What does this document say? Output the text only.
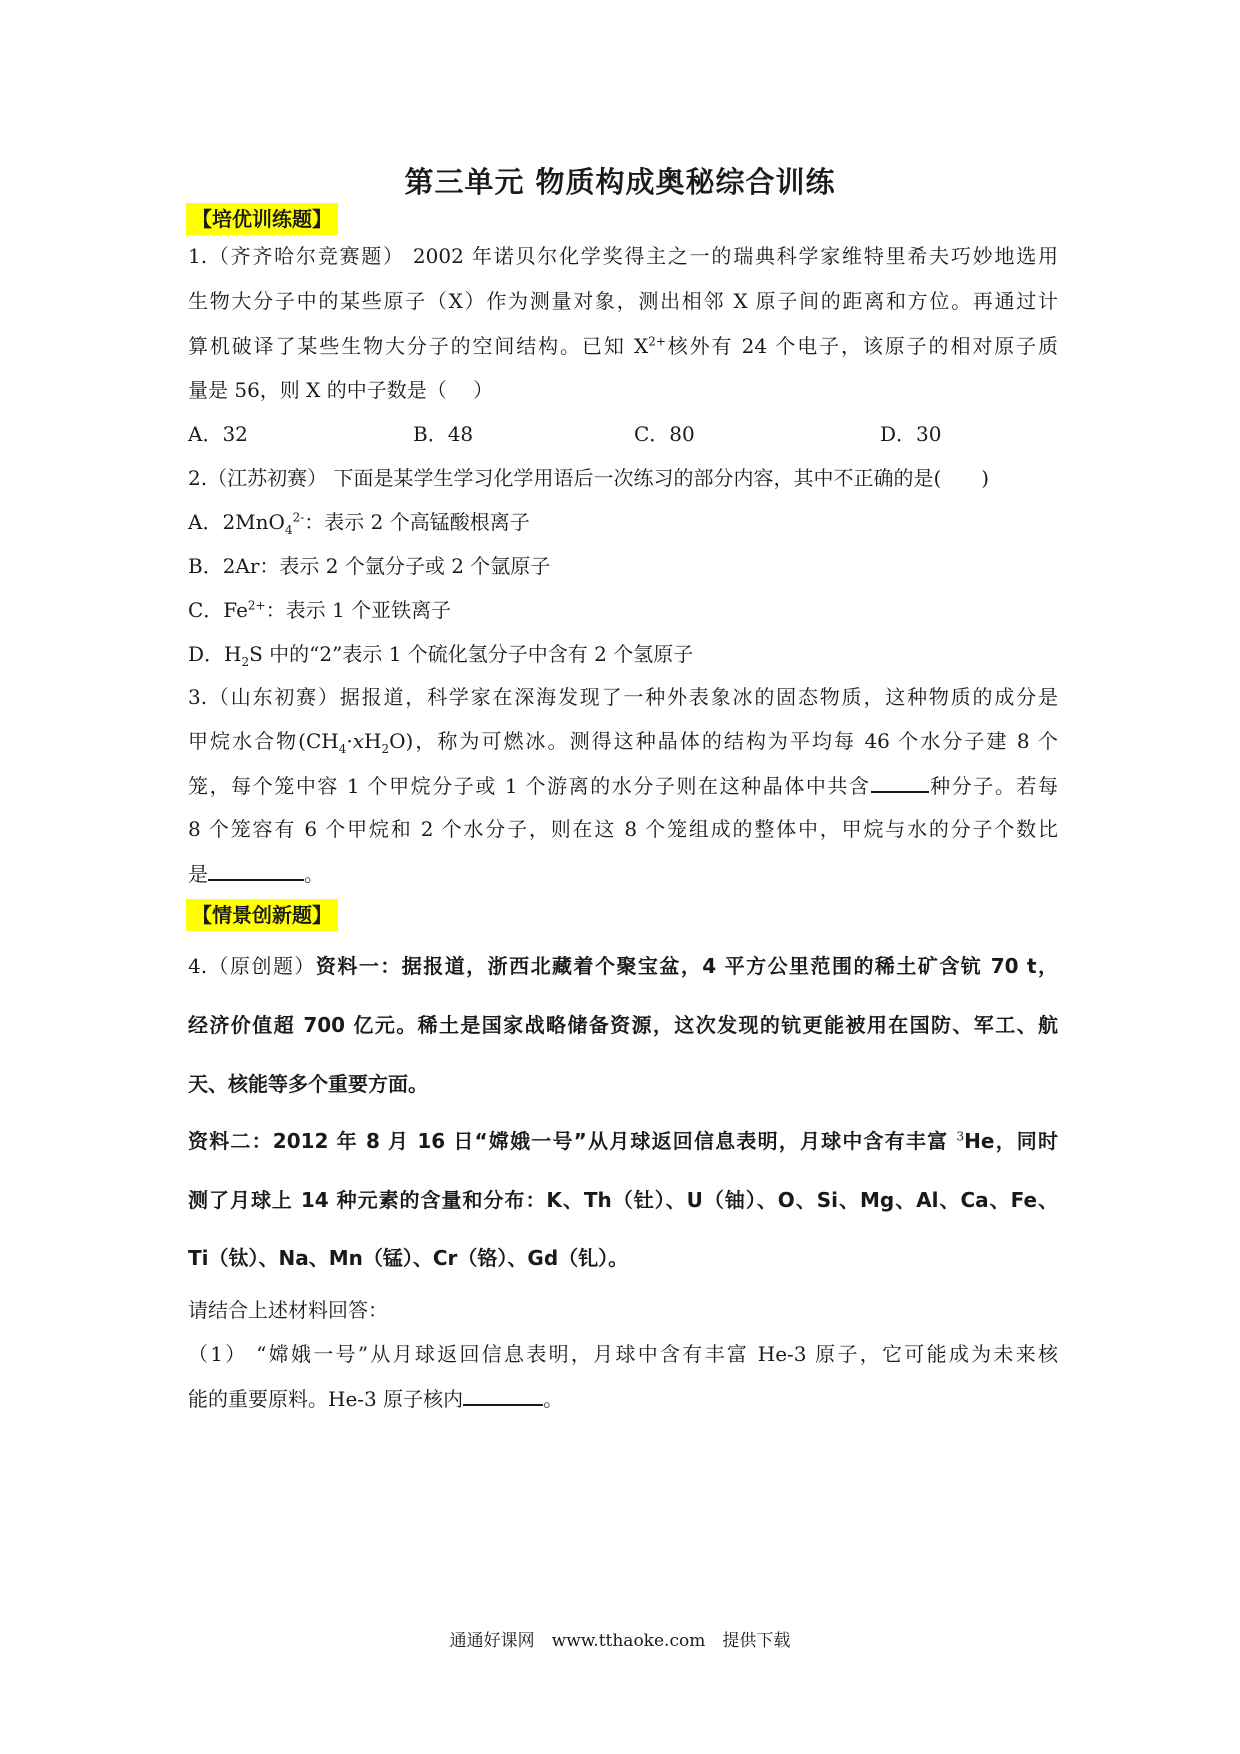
第三单元 物质构成奥秘综合训练
【培优训练题】
1.（齐齐哈尔竞赛题） 2002 年诺贝尔化学奖得主之一的瑞典科学家维特里希夫巧妙地选用
生物大分子中的某些原子（X）作为测量对象，测出相邻 X 原子间的距离和方位。再通过计
算机破译了某些生物大分子的空间结构。已知 $X^{2+}$核外有 24 个电子，该原子的相对原子质
量是 56，则 X 的中子数是（　 ）
A．32	B．48	C．80	D．30
2.（江苏初赛） 下面是某学生学习化学用语后一次练习的部分内容，其中不正确的是(　　)
A．2MnO$_4^{2-}$：表示 2 个高锰酸根离子
B．2Ar：表示 2 个氩分子或 2 个氩原子
C．$Fe^{2+}$：表示 1 个亚铁离子
D．$H_2S$ 中的“2”表示 1 个硫化氢分子中含有 2 个氢原子
3.（山东初赛）据报道，科学家在深海发现了一种外表象冰的固态物质，这种物质的成分是
甲烷水合物$(CH_4\cdot xH_2O)$，称为可燃冰。测得这种晶体的结构为平均每 46 个水分子建 8 个
笼，每个笼中容 1 个甲烷分子或 1 个游离的水分子则在这种晶体中共含	种分子。若每
8 个笼容有 6 个甲烷和 2 个水分子，则在这 8 个笼组成的整体中，甲烷与水的分子个数比
是	。
【情景创新题】
4.（原创题）资料一：据报道，浙西北藏着个聚宝盆，4 平方公里范围的稀土矿含钪 70 t，
经济价值超 700 亿元。稀土是国家战略储备资源，这次发现的钪更能被用在国防、军工、航
天、核能等多个重要方面。
资料二：2012 年 8 月 16 日“嫦娥一号”从月球返回信息表明，月球中含有丰富 $^3$He，同时
测了月球上 14 种元素的含量和分布：K、Th（钍）、U（铀）、O、Si、Mg、Al、Ca、Fe、
Ti（钛）、Na、Mn（锰）、Cr（铬）、Gd（钆）。
请结合上述材料回答：
（1） “嫦娥一号”从月球返回信息表明，月球中含有丰富 He-3 原子，它可能成为未来核
能的重要原料。He-3 原子核内	。
通通好课网　www.tthaoke.com　提供下载
